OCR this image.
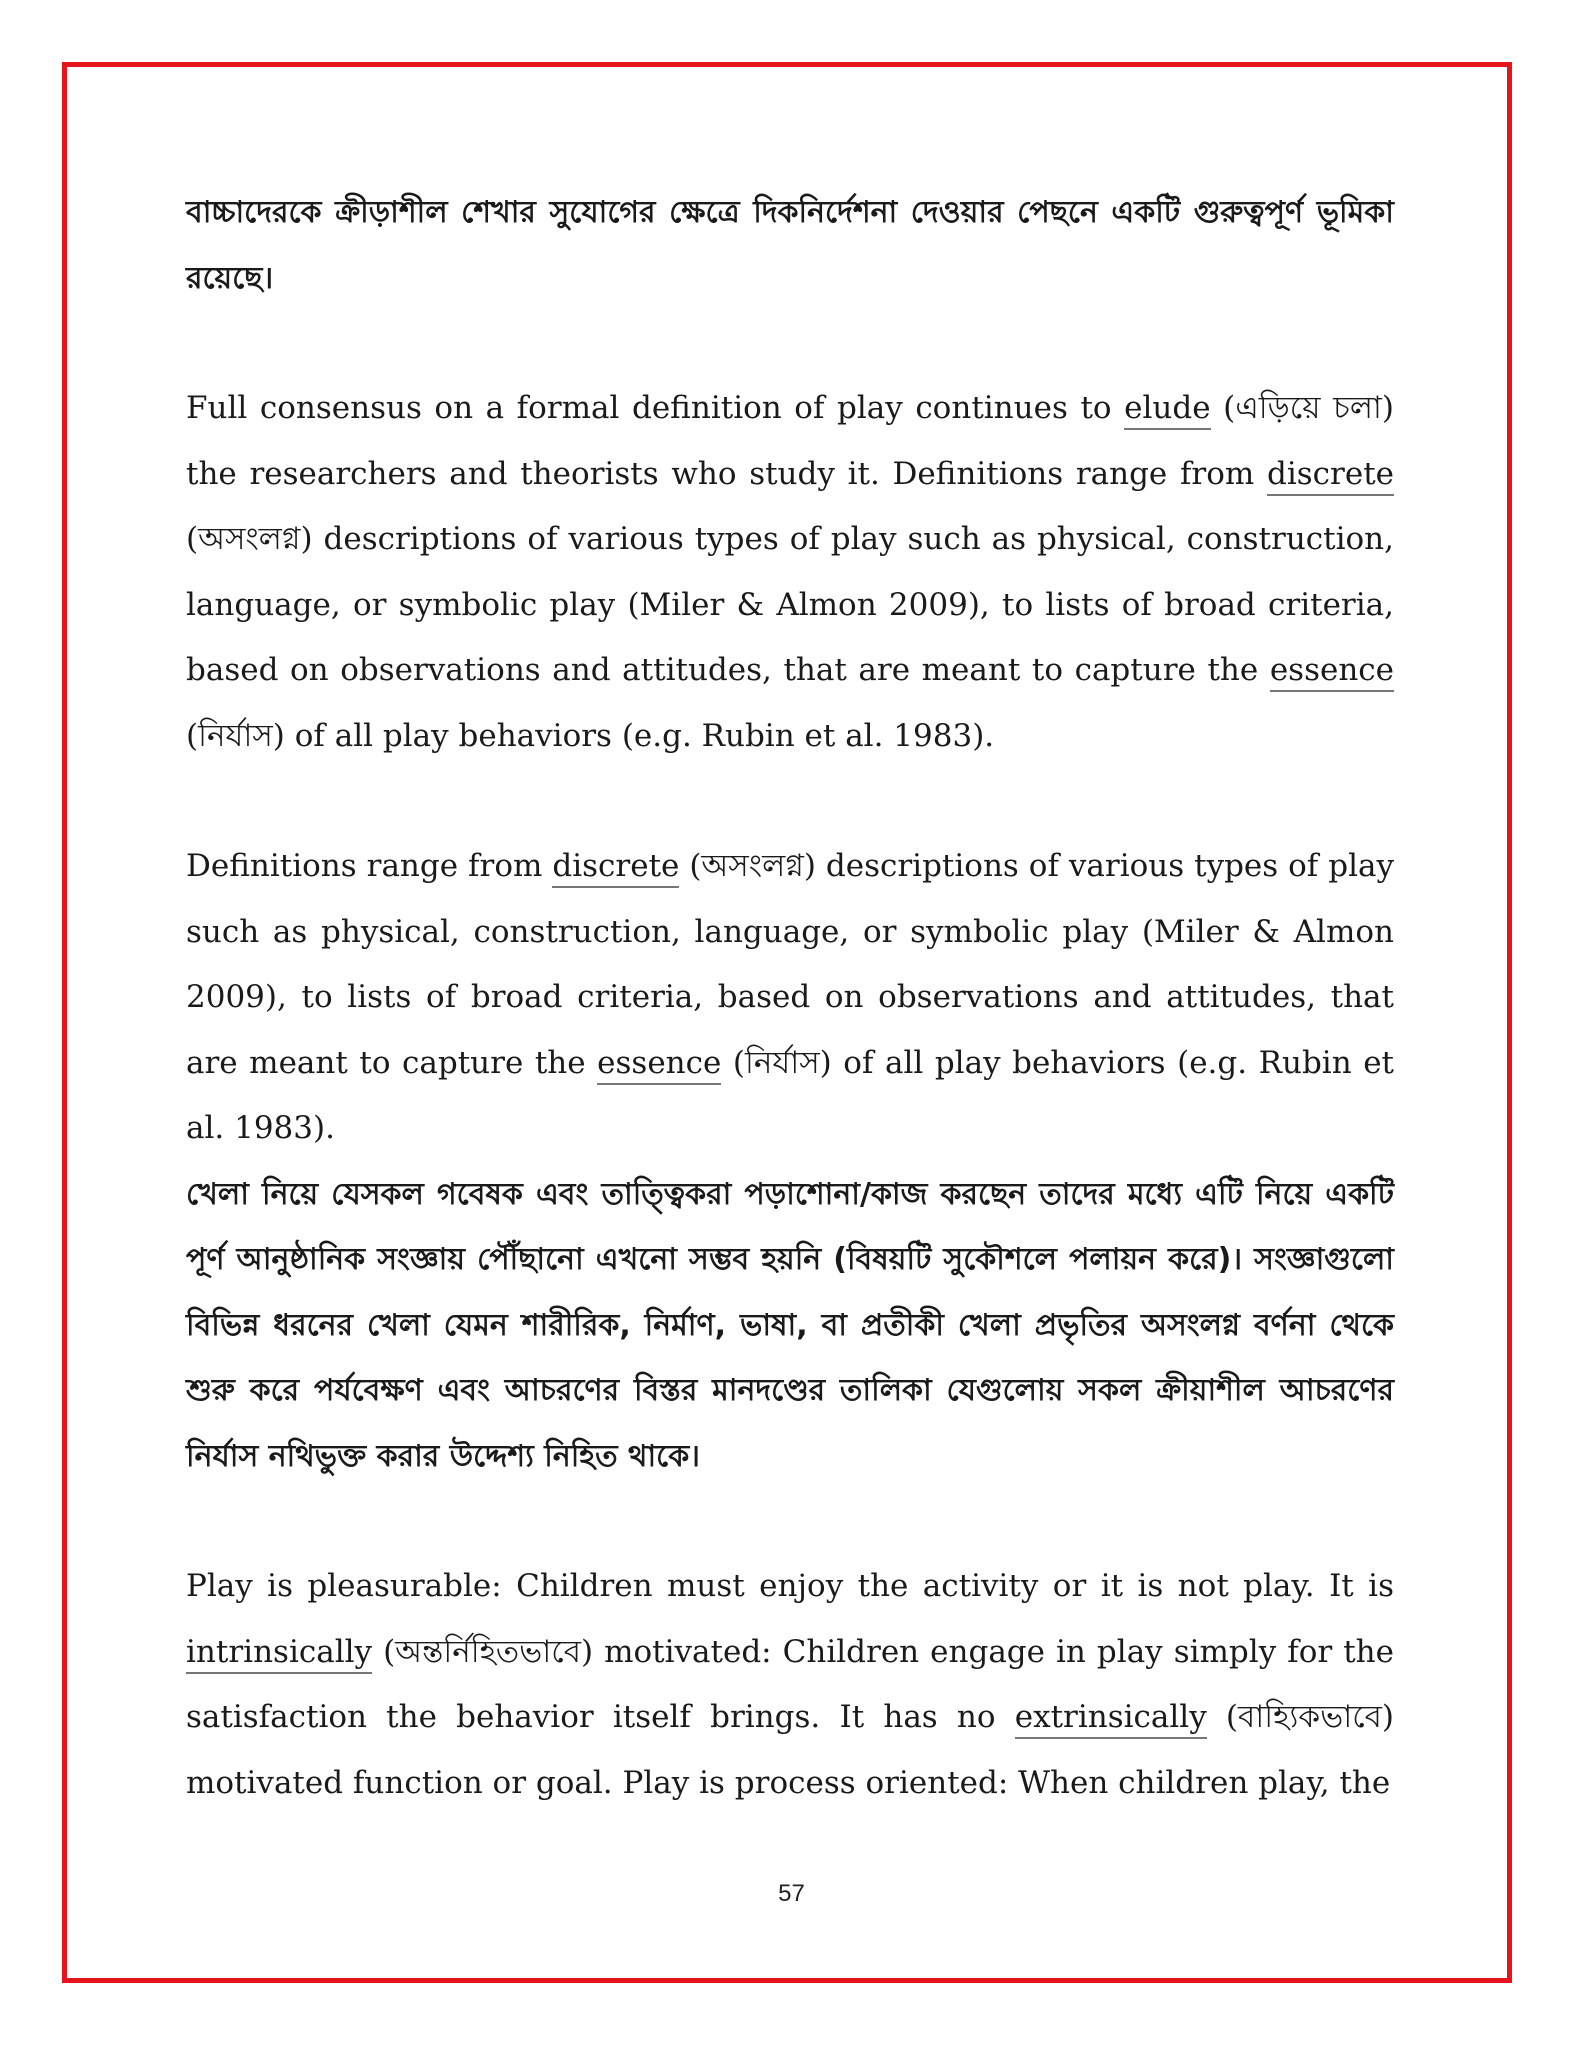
বাচ্চাদেরকে ক্রীড়াশীল শেখার সুযোগের ক্ষেত্রে দিকনির্দেশনা দেওয়ার পেছনে একটি গুরুত্বপূর্ণ ভূমিকা রয়েছে।

Full consensus on a formal definition of play continues to elude (এড়িয়ে চলা) the researchers and theorists who study it. Definitions range from discrete (অসংলগ্ন) descriptions of various types of play such as physical, construction, language, or symbolic play (Miler & Almon 2009), to lists of broad criteria, based on observations and attitudes, that are meant to capture the essence (নির্যাস) of all play behaviors (e.g. Rubin et al. 1983).

Definitions range from discrete (অসংলগ্ন) descriptions of various types of play such as physical, construction, language, or symbolic play (Miler & Almon 2009), to lists of broad criteria, based on observations and attitudes, that are meant to capture the essence (নির্যাস) of all play behaviors (e.g. Rubin et al. 1983).

খেলা নিয়ে যেসকল গবেষক এবং তাত্ত্বিকরা পড়াশোনা/কাজ করছেন তাদের মধ্যে এটি নিয়ে একটি পূর্ণ আনুষ্ঠানিক সংজ্ঞায় পৌঁছানো এখনো সম্ভব হয়নি (বিষয়টি সুকৌশলে পলায়ন করে)। সংজ্ঞাগুলো বিভিন্ন ধরনের খেলা যেমন শারীরিক, নির্মাণ, ভাষা, বা প্রতীকী খেলা প্রভৃতির অসংলগ্ন বর্ণনা থেকে শুরু করে পর্যবেক্ষণ এবং আচরণের বিস্তর মানদণ্ডের তালিকা যেগুলোয় সকল ক্রীয়াশীল আচরণের নির্যাস নথিভুক্ত করার উদ্দেশ্য নিহিত থাকে।

Play is pleasurable: Children must enjoy the activity or it is not play. It is intrinsically (অন্তর্নিহিতভাবে) motivated: Children engage in play simply for the satisfaction the behavior itself brings. It has no extrinsically (বাহ্যিকভাবে) motivated function or goal. Play is process oriented: When children play, the

57
